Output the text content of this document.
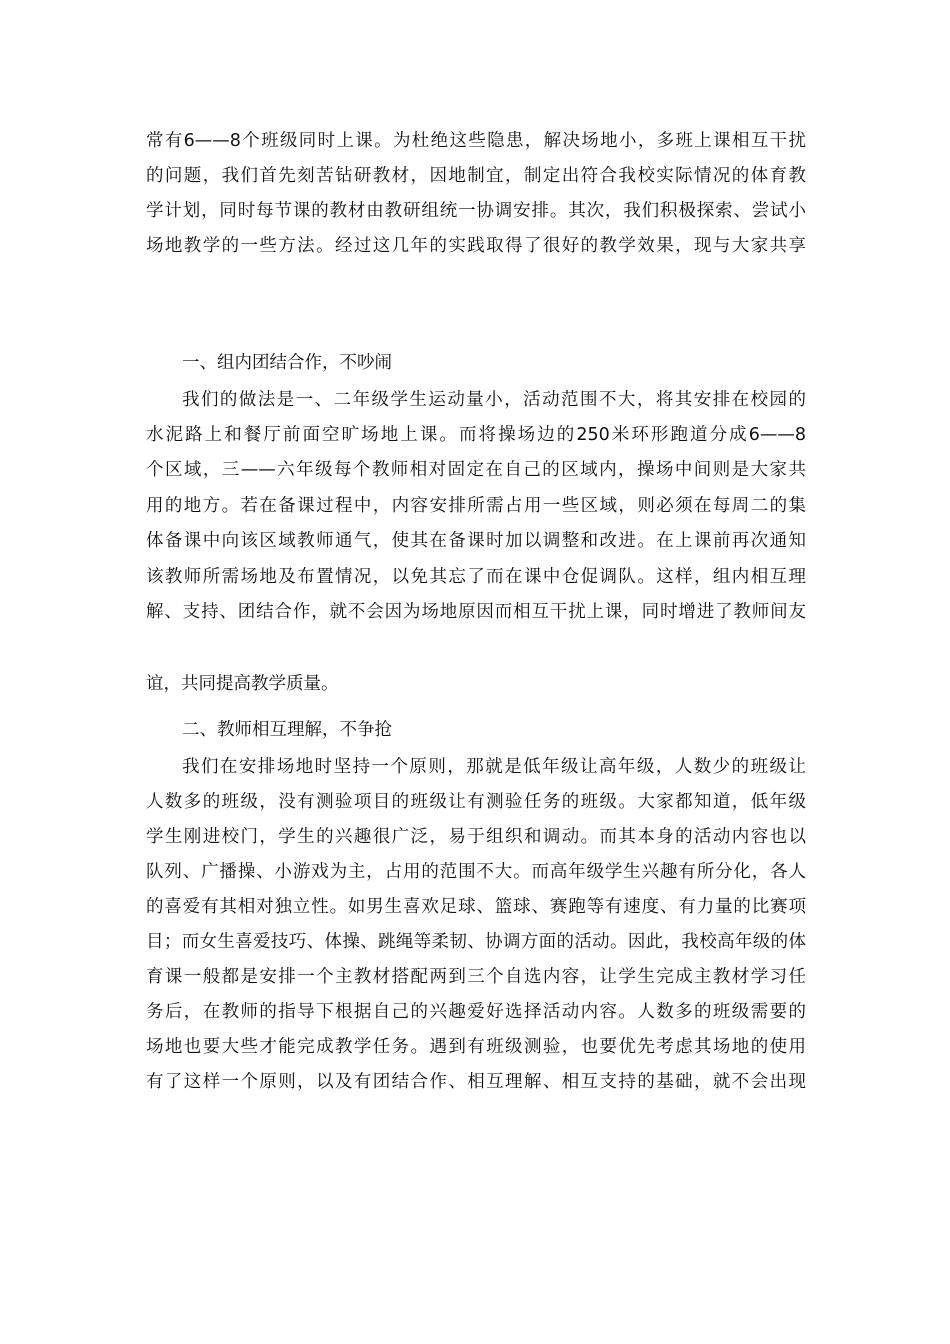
常有6——8个班级同时上课。为杜绝这些隐患，解决场地小，多班上课相互干扰
的问题，我们首先刻苦钻研教材，因地制宜，制定出符合我校实际情况的体育教
学计划，同时每节课的教材由教研组统一协调安排。其次，我们积极探索、尝试小
场地教学的一些方法。经过这几年的实践取得了很好的教学效果，现与大家共享
一、组内团结合作，不吵闹
我们的做法是一、二年级学生运动量小，活动范围不大，将其安排在校园的
水泥路上和餐厅前面空旷场地上课。而将操场边的250米环形跑道分成6——8
个区域，三——六年级每个教师相对固定在自己的区域内，操场中间则是大家共
用的地方。若在备课过程中，内容安排所需占用一些区域，则必须在每周二的集
体备课中向该区域教师通气，使其在备课时加以调整和改进。在上课前再次通知
该教师所需场地及布置情况，以免其忘了而在课中仓促调队。这样，组内相互理
解、支持、团结合作，就不会因为场地原因而相互干扰上课，同时增进了教师间友
谊，共同提高教学质量。
二、教师相互理解，不争抢
我们在安排场地时坚持一个原则，那就是低年级让高年级，人数少的班级让
人数多的班级，没有测验项目的班级让有测验任务的班级。大家都知道，低年级
学生刚进校门，学生的兴趣很广泛，易于组织和调动。而其本身的活动内容也以
队列、广播操、小游戏为主，占用的范围不大。而高年级学生兴趣有所分化，各人
的喜爱有其相对独立性。如男生喜欢足球、篮球、赛跑等有速度、有力量的比赛项
目；而女生喜爱技巧、体操、跳绳等柔韧、协调方面的活动。因此，我校高年级的体
育课一般都是安排一个主教材搭配两到三个自选内容，让学生完成主教材学习任
务后，在教师的指导下根据自己的兴趣爱好选择活动内容。人数多的班级需要的
场地也要大些才能完成教学任务。遇到有班级测验，也要优先考虑其场地的使用
有了这样一个原则，以及有团结合作、相互理解、相互支持的基础，就不会出现
